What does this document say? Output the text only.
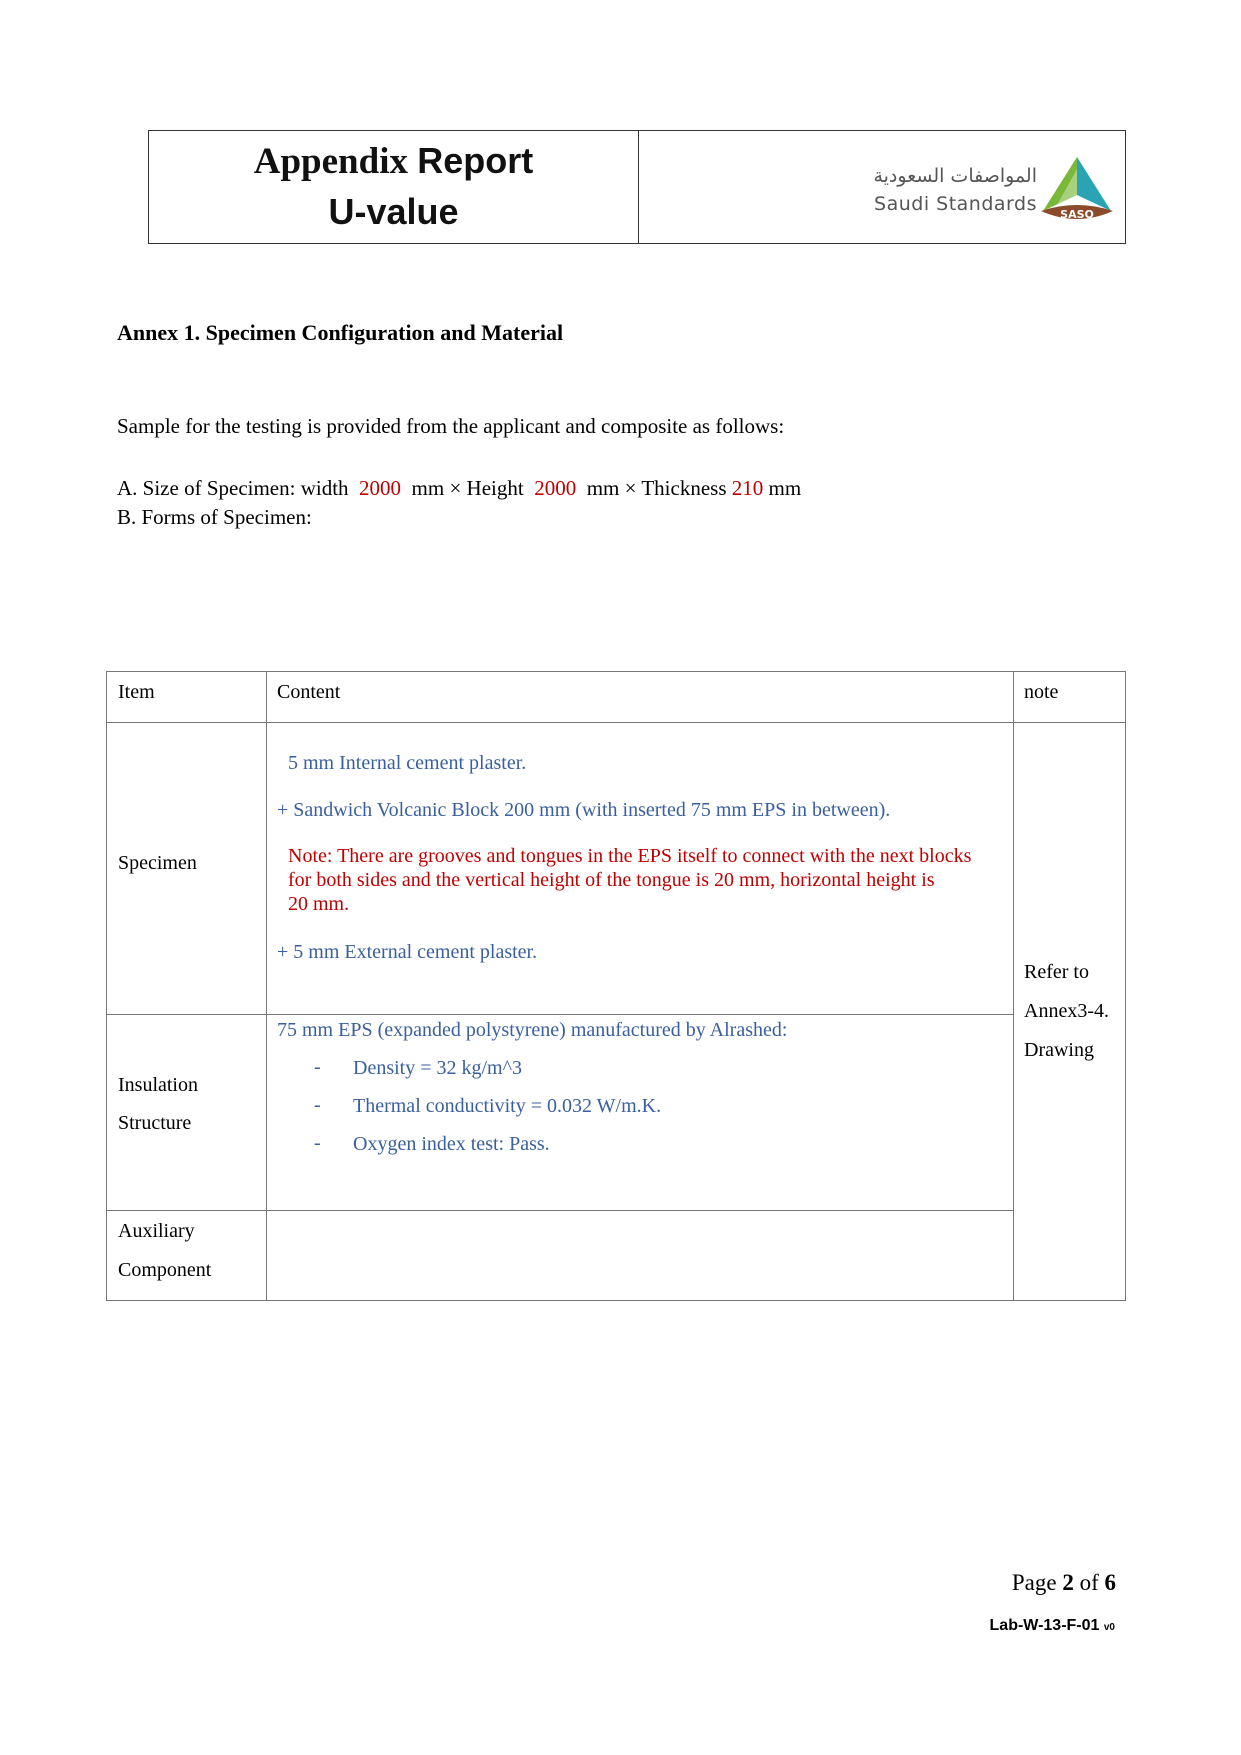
Appendix Report
U-value
المواصفات السعودية
Saudi Standards SASO
Annex 1. Specimen Configuration and Material
Sample for the testing is provided from the applicant and composite as follows:
A. Size of Specimen: width  2000  mm × Height  2000  mm × Thickness 210 mm
B. Forms of Specimen:
Item	Content	note
Specimen
5 mm Internal cement plaster.
+ Sandwich Volcanic Block 200 mm (with inserted 75 mm EPS in between).
Note: There are grooves and tongues in the EPS itself to connect with the next blocks
for both sides and the vertical height of the tongue is 20 mm, horizontal height is
20 mm.
+ 5 mm External cement plaster.
Insulation
Structure
75 mm EPS (expanded polystyrene) manufactured by Alrashed:
- Density = 32 kg/m^3
- Thermal conductivity = 0.032 W/m.K.
- Oxygen index test: Pass.
Auxiliary
Component
Refer to
Annex3-4.
Drawing
Page 2 of 6
Lab-W-13-F-01 v0
